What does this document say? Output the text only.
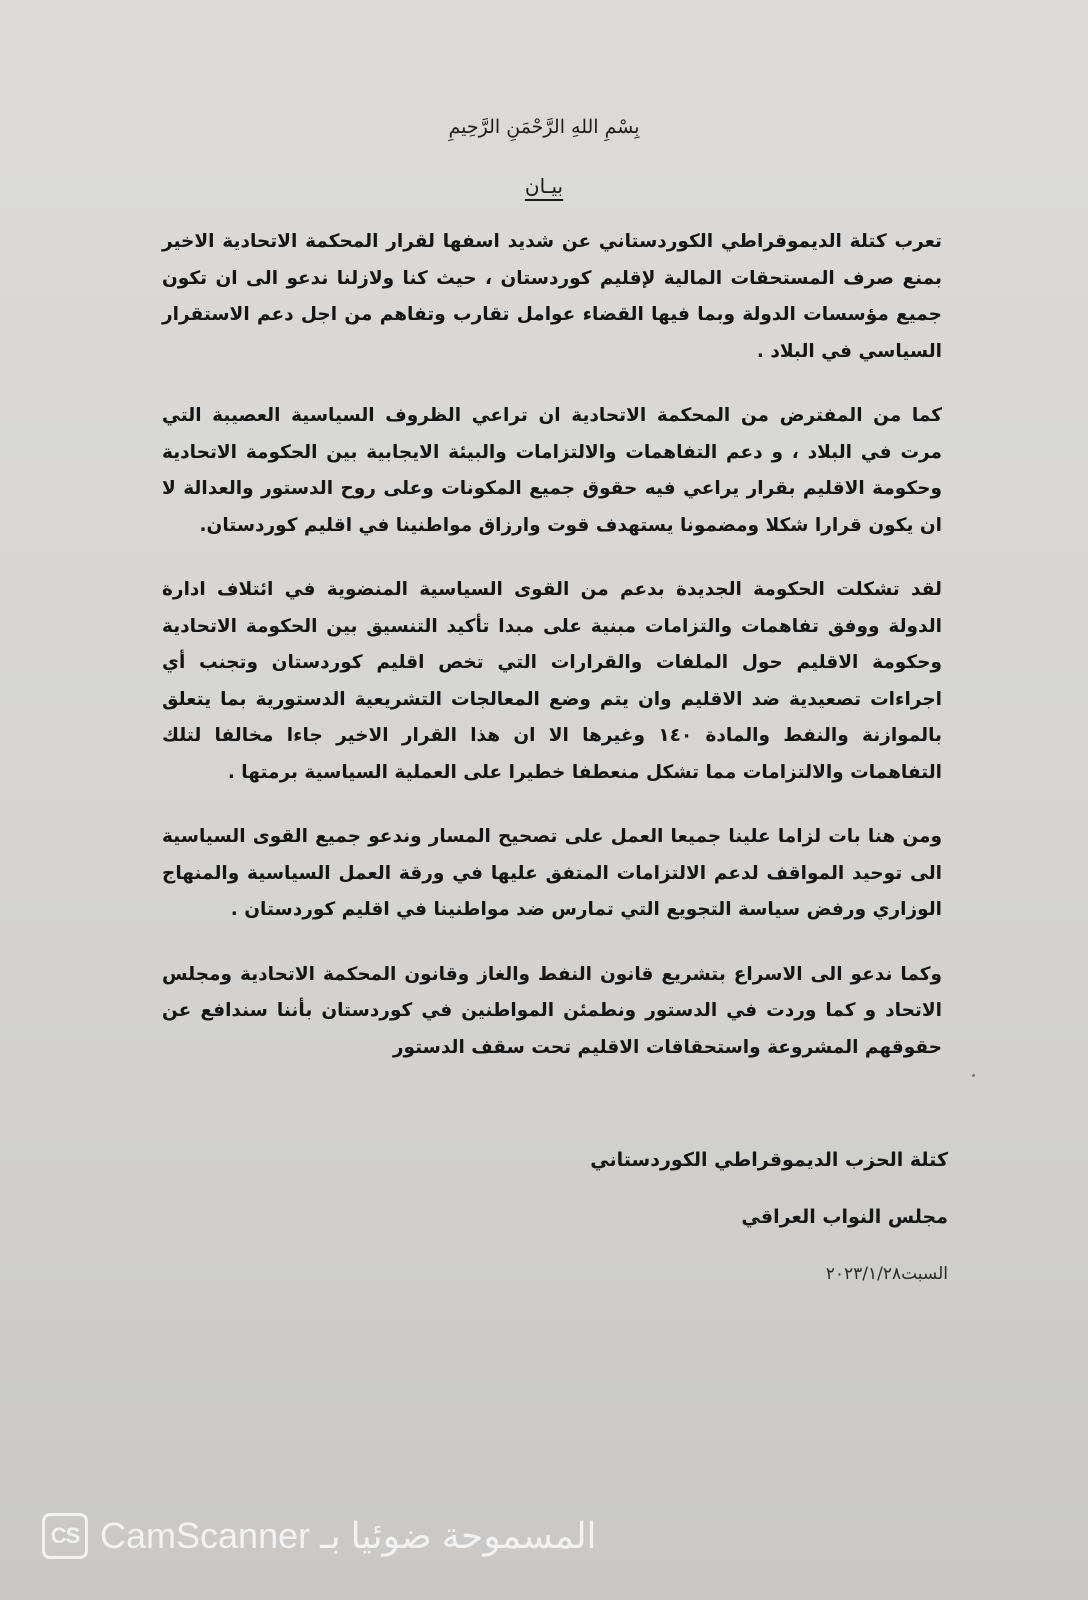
بِسْمِ اللهِ الرَّحْمَنِ الرَّحِيمِ
بيـان

تعرب كتلة الديموقراطي الكوردستاني عن شديد اسفها لقرار المحكمة الاتحادية الاخير بمنع صرف المستحقات المالية لإقليم كوردستان ، حيث كنا ولازلنا ندعو الى ان تكون جميع مؤسسات الدولة وبما فيها القضاء عوامل تقارب وتفاهم من اجل دعم الاستقرار السياسي في البلاد .

كما من المفترض من المحكمة الاتحادية ان تراعي الظروف السياسية العصيبة التي مرت في البلاد ، و دعم التفاهمات والالتزامات والبيئة الايجابية بين الحكومة الاتحادية وحكومة الاقليم بقرار يراعي فيه حقوق جميع المكونات وعلى روح الدستور والعدالة لا ان يكون قرارا شكلا ومضمونا يستهدف قوت وارزاق مواطنينا في اقليم كوردستان.

لقد تشكلت الحكومة الجديدة بدعم من القوى السياسية المنضوية في ائتلاف ادارة الدولة ووفق تفاهمات والتزامات مبنية على مبدا تأكيد التنسيق بين الحكومة الاتحادية وحكومة الاقليم حول الملفات والقرارات التي تخص اقليم كوردستان وتجنب أي اجراءات تصعيدية ضد الاقليم وان يتم وضع المعالجات التشريعية الدستورية بما يتعلق بالموازنة والنفط والمادة ١٤٠ وغيرها الا ان هذا القرار الاخير جاءا مخالفا لتلك التفاهمات والالتزامات مما تشكل منعطفا خطيرا على العملية السياسية برمتها .

ومن هنا بات لزاما علينا جميعا العمل على تصحيح المسار وندعو جميع القوى السياسية الى توحيد المواقف لدعم الالتزامات المتفق عليها في ورقة العمل السياسية والمنهاج الوزاري ورفض سياسة التجويع التي تمارس ضد مواطنينا في اقليم كوردستان .

وكما ندعو الى الاسراع بتشريع قانون النفط والغاز وقانون المحكمة الاتحادية ومجلس الاتحاد و كما وردت في الدستور ونطمئن المواطنين في كوردستان بأننا سندافع عن حقوقهم المشروعة واستحقاقات الاقليم تحت سقف الدستور

كتلة الحزب الديموقراطي الكوردستاني
مجلس النواب العراقي
السبت٢٠٢٣/١/٢٨
CS CamScanner المسموحة ضوئيا بـ
